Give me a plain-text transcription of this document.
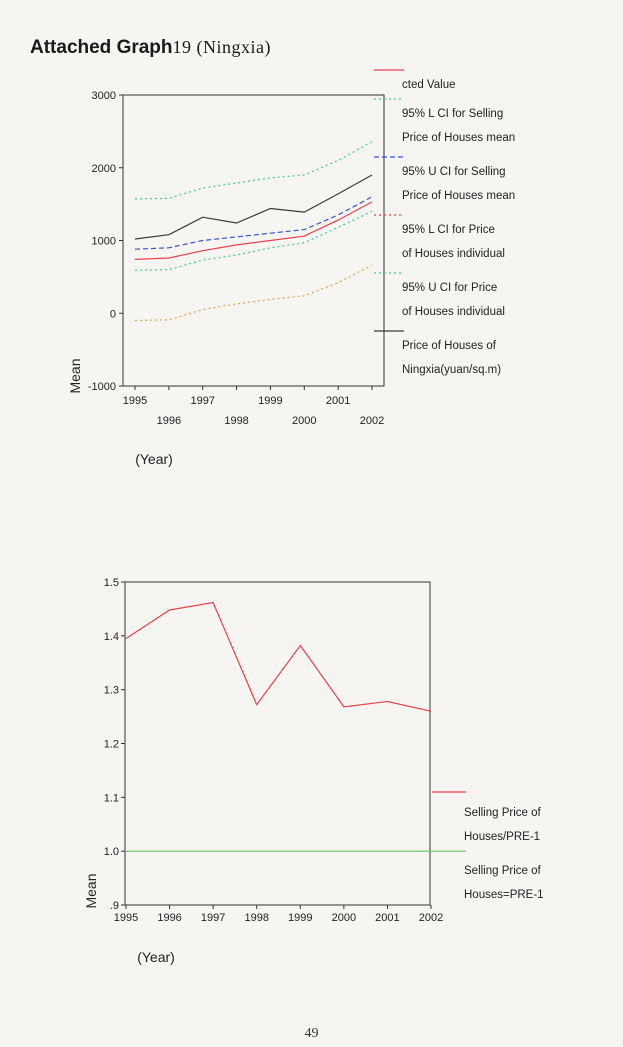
Attached Graph19 (Ningxia)
3000
2000
1000
0
-1000
1995	1997	1999	2001
1996	1998	2000	2002
(Year)
Mean
cted Value
95% L CI for Selling
Price of Houses mean
95% U CI for Selling
Price of Houses mean
95% L CI for Price
of Houses individual
95% U CI for Price
of Houses individual
Price of Houses of
Ningxia(yuan/sq.m)
1.5
1.4
1.3
1.2
1.1
1.0
.9
1995 1996 1997 1998 1999 2000 2001 2002
(Year)
Mean
Selling Price of
Houses/PRE-1
Selling Price of
Houses=PRE-1
49
